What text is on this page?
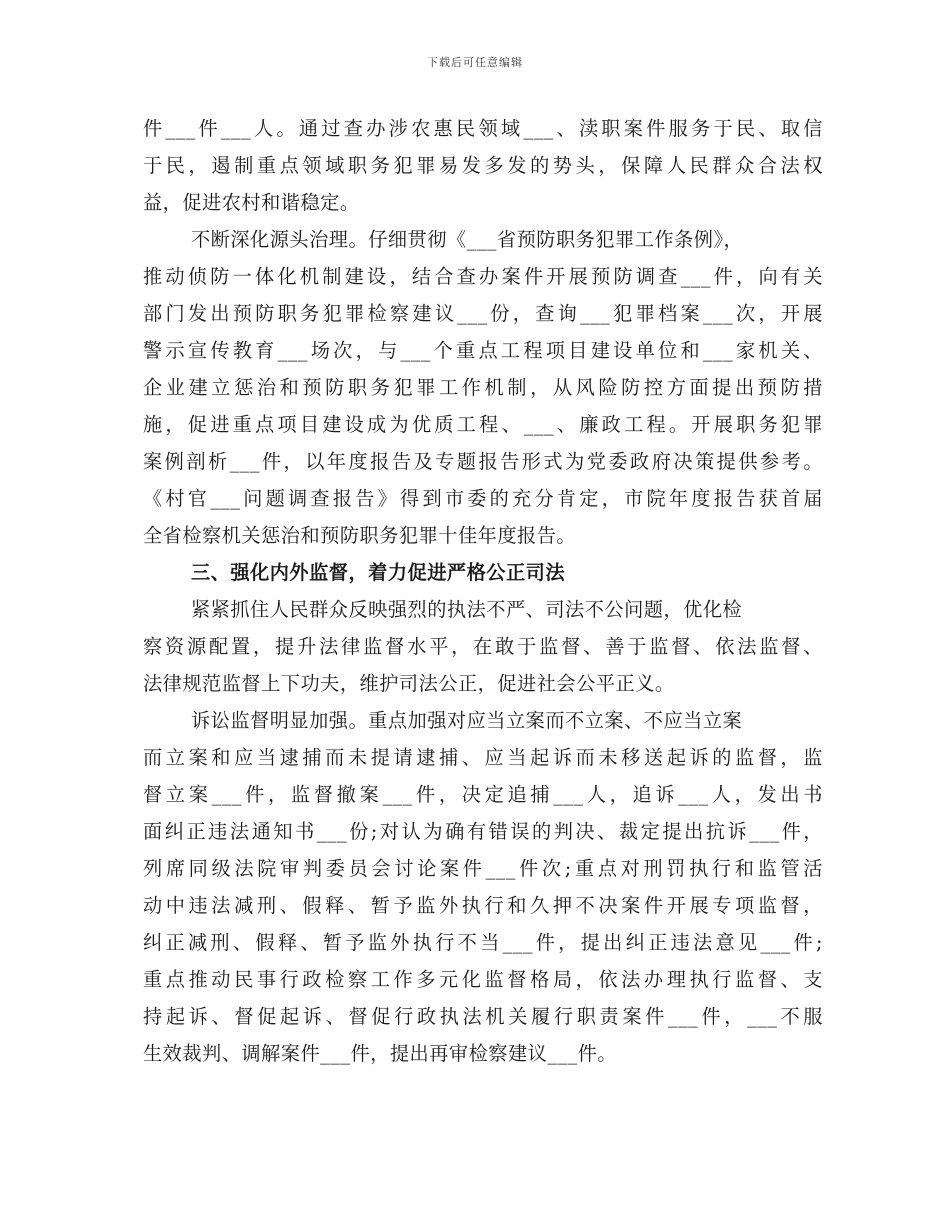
下载后可任意编辑
件___件___人。通过查办涉农惠民领域___、渎职案件服务于民、取信
于民，遏制重点领域职务犯罪易发多发的势头，保障人民群众合法权
益，促进农村和谐稳定。
不断深化源头治理。仔细贯彻《___省预防职务犯罪工作条例》，
推动侦防一体化机制建设，结合查办案件开展预防调查___件，向有关
部门发出预防职务犯罪检察建议___份，查询___犯罪档案___次，开展
警示宣传教育___场次，与___个重点工程项目建设单位和___家机关、
企业建立惩治和预防职务犯罪工作机制，从风险防控方面提出预防措
施，促进重点项目建设成为优质工程、___、廉政工程。开展职务犯罪
案例剖析___件，以年度报告及专题报告形式为党委政府决策提供参考。
《村官___问题调查报告》得到市委的充分肯定，市院年度报告获首届
全省检察机关惩治和预防职务犯罪十佳年度报告。
三、强化内外监督，着力促进严格公正司法
紧紧抓住人民群众反映强烈的执法不严、司法不公问题，优化检
察资源配置，提升法律监督水平，在敢于监督、善于监督、依法监督、
法律规范监督上下功夫，维护司法公正，促进社会公平正义。
诉讼监督明显加强。重点加强对应当立案而不立案、不应当立案
而立案和应当逮捕而未提请逮捕、应当起诉而未移送起诉的监督，监
督立案___件，监督撤案___件，决定追捕___人，追诉___人，发出书
面纠正违法通知书___份;对认为确有错误的判决、裁定提出抗诉___件，
列席同级法院审判委员会讨论案件___件次;重点对刑罚执行和监管活
动中违法减刑、假释、暂予监外执行和久押不决案件开展专项监督，
纠正减刑、假释、暂予监外执行不当___件，提出纠正违法意见___件;
重点推动民事行政检察工作多元化监督格局，依法办理执行监督、支
持起诉、督促起诉、督促行政执法机关履行职责案件___件，___不服
生效裁判、调解案件___件，提出再审检察建议___件。
